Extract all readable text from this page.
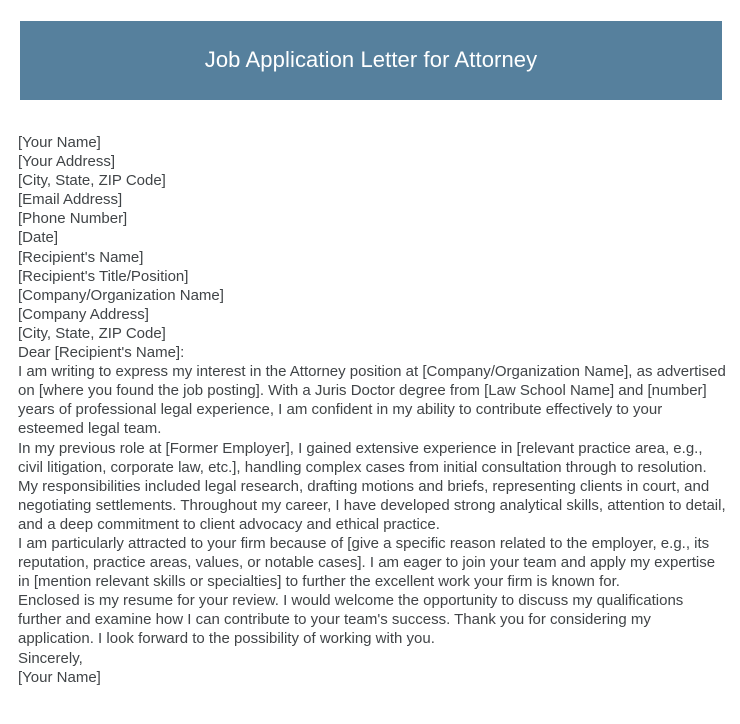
Job Application Letter for Attorney

[Your Name]

[Your Address]

[City, State, ZIP Code]

[Email Address]

[Phone Number]

[Date]

[Recipient's Name]

[Recipient's Title/Position]

[Company/Organization Name]

[Company Address]

[City, State, ZIP Code]

Dear [Recipient's Name]:

I am writing to express my interest in the Attorney position at [Company/Organization Name], as advertised on [where you found the job posting]. With a Juris Doctor degree from [Law School Name] and [number] years of professional legal experience, I am confident in my ability to contribute effectively to your esteemed legal team.

In my previous role at [Former Employer], I gained extensive experience in [relevant practice area, e.g., civil litigation, corporate law, etc.], handling complex cases from initial consultation through to resolution. My responsibilities included legal research, drafting motions and briefs, representing clients in court, and negotiating settlements. Throughout my career, I have developed strong analytical skills, attention to detail, and a deep commitment to client advocacy and ethical practice.

I am particularly attracted to your firm because of [give a specific reason related to the employer, e.g., its reputation, practice areas, values, or notable cases]. I am eager to join your team and apply my expertise in [mention relevant skills or specialties] to further the excellent work your firm is known for.

Enclosed is my resume for your review. I would welcome the opportunity to discuss my qualifications further and examine how I can contribute to your team's success. Thank you for considering my application. I look forward to the possibility of working with you.

Sincerely,

[Your Name]
